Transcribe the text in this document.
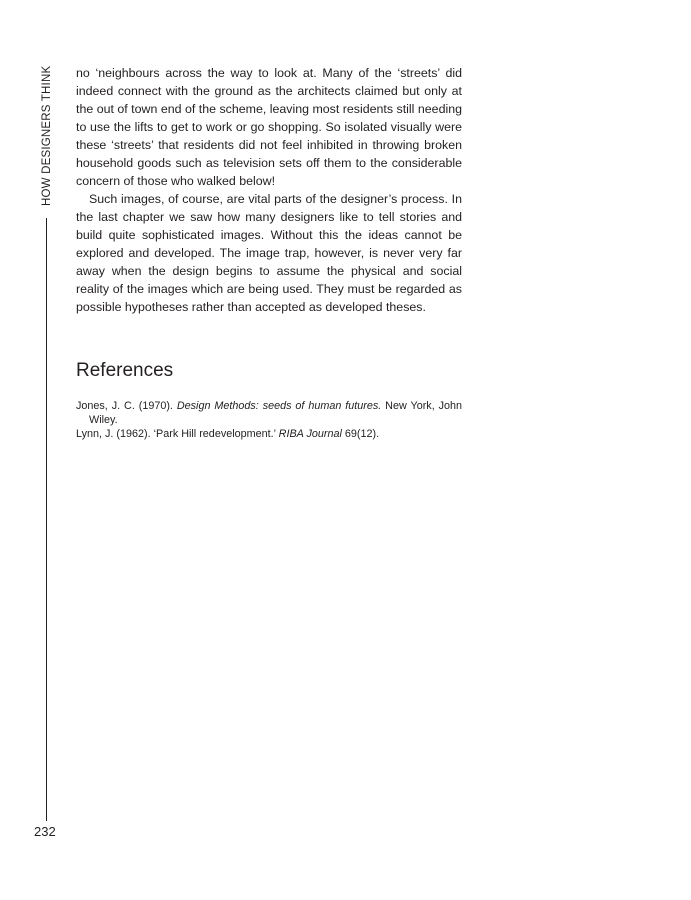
HOW DESIGNERS THINK
232

no ‘neighbours across the way to look at. Many of the ‘streets’ did indeed connect with the ground as the architects claimed but only at the out of town end of the scheme, leaving most residents still needing to use the lifts to get to work or go shopping. So isolated visually were these ‘streets’ that residents did not feel inhibited in throwing broken household goods such as television sets off them to the considerable concern of those who walked below!

Such images, of course, are vital parts of the designer’s process. In the last chapter we saw how many designers like to tell stories and build quite sophisticated images. Without this the ideas cannot be explored and developed. The image trap, however, is never very far away when the design begins to assume the physical and social reality of the images which are being used. They must be regarded as possible hypotheses rather than accepted as developed theses.

References

Jones, J. C. (1970). Design Methods: seeds of human futures. New York, John Wiley.

Lynn, J. (1962). ‘Park Hill redevelopment.’ RIBA Journal 69(12).
